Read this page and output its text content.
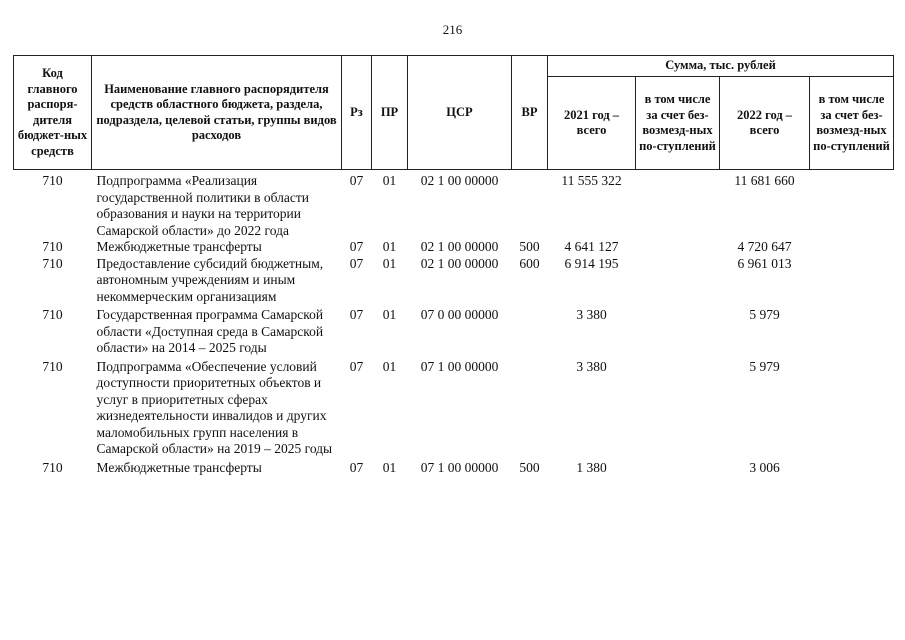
216
Код главного распоря-дителя бюджет-ных средств	Наименование главного распорядителя средств областного бюджета, раздела, подраздела, целевой статьи, группы видов расходов	Рз	ПР	ЦСР	ВР	Сумма, тыс. рублей			
						2021 год – всего	в том числе за счет без-возмезд-ных по-ступлений	2022 год – всего	в том числе за счет без-возмезд-ных по-ступлений
710	Подпрограмма «Реализация государственной политики в области образования и науки на территории Самарской области» до 2022 года	07	01	02 1 00 00000		11 555 322		11 681 660	
710	Межбюджетные трансферты	07	01	02 1 00 00000	500	4 641 127		4 720 647	
710	Предоставление субсидий бюджетным, автономным учреждениям и иным некоммерческим организациям	07	01	02 1 00 00000	600	6 914 195		6 961 013	
710	Государственная программа Самарской области «Доступная среда в Самарской области» на 2014 – 2025 годы	07	01	07 0 00 00000		3 380		5 979	
710	Подпрограмма «Обеспечение условий доступности приоритетных объектов и услуг в приоритетных сферах жизнедеятельности инвалидов и других маломобильных групп населения в Самарской области» на 2019 – 2025 годы	07	01	07 1 00 00000		3 380		5 979	
710	Межбюджетные трансферты	07	01	07 1 00 00000	500	1 380		3 006	
